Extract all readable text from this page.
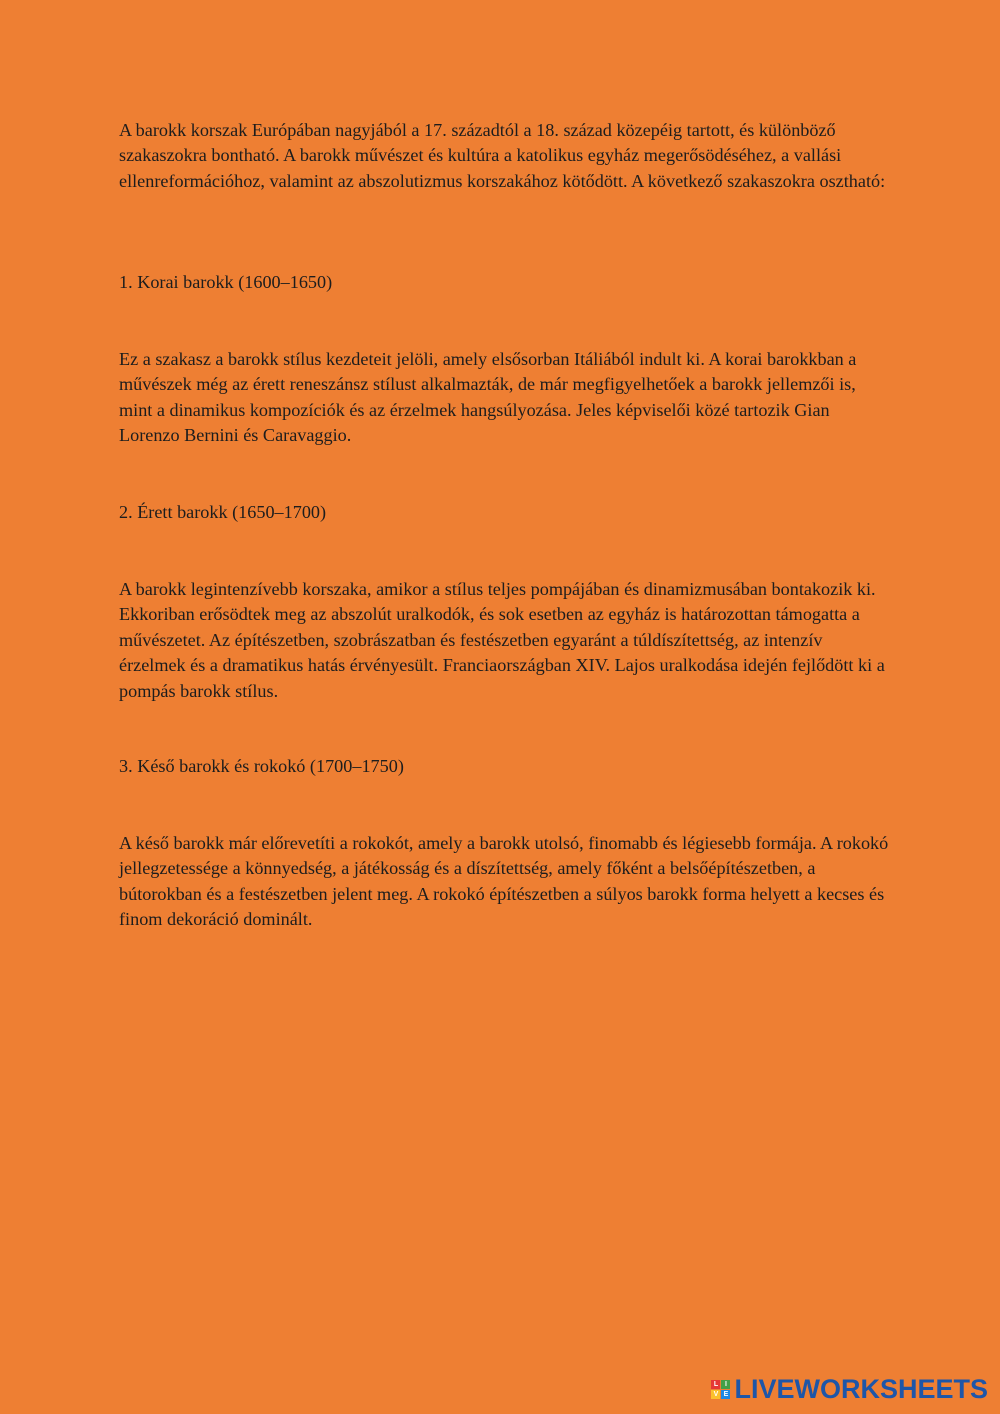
A barokk korszak Európában nagyjából a 17. századtól a 18. század közepéig tartott, és különböző szakaszokra bontható. A barokk művészet és kultúra a katolikus egyház megerősödéséhez, a vallási ellenreformációhoz, valamint az abszolutizmus korszakához kötődött. A következő szakaszokra osztható:

1. Korai barokk (1600–1650)

Ez a szakasz a barokk stílus kezdeteit jelöli, amely elsősorban Itáliából indult ki. A korai barokkban a művészek még az érett reneszánsz stílust alkalmazták, de már megfigyelhetőek a barokk jellemzői is, mint a dinamikus kompozíciók és az érzelmek hangsúlyozása. Jeles képviselői közé tartozik Gian Lorenzo Bernini és Caravaggio.

2. Érett barokk (1650–1700)

A barokk legintenzívebb korszaka, amikor a stílus teljes pompájában és dinamizmusában bontakozik ki. Ekkoriban erősödtek meg az abszolút uralkodók, és sok esetben az egyház is határozottan támogatta a művészetet. Az építészetben, szobrászatban és festészetben egyaránt a túldíszítettség, az intenzív érzelmek és a dramatikus hatás érvényesült. Franciaországban XIV. Lajos uralkodása idején fejlődött ki a pompás barokk stílus.

3. Késő barokk és rokokó (1700–1750)

A késő barokk már előrevetíti a rokokót, amely a barokk utolsó, finomabb és légiesebb formája. A rokokó jellegzetessége a könnyedség, a játékosság és a díszítettség, amely főként a belsőépítészetben, a bútorokban és a festészetben jelent meg. A rokokó építészetben a súlyos barokk forma helyett a kecses és finom dekoráció dominált.

L I
V E LIVEWORKSHEETS
